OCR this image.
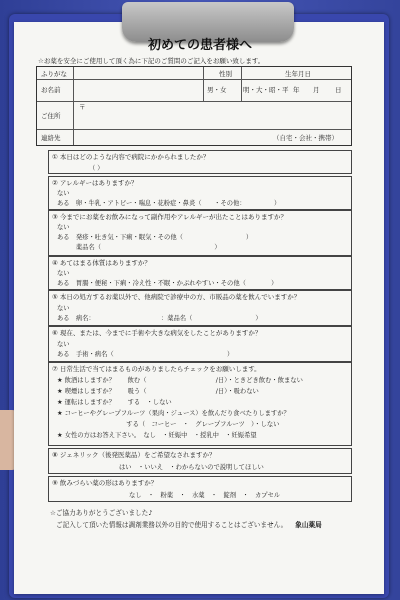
初めての患者様へ
☆お薬を安全にご使用して頂く為に下記のご質問のご記入をお願い致します。
ふりがな	性別	生年月日
お名前	男・女	明・大・昭・平 年 月 日
ご住所
〒
連絡先	（自宅・会社・携帯）
① 本日はどのような内容で病院にかかられましたか？
（ ）
② アレルギーはありますか？
ない
ある　卵・牛乳・アトピー・喘息・花粉症・鼻炎（　　・その他：　　　　　）
③ 今までにお薬をお飲みになって副作用やアレルギーが出たことはありますか？
ない
ある　発疹・吐き気・下痢・眠気・その他（　　　　　　　　　　）
　　　薬品名（　　　　　　　　　　　　　　　　　　）
④ あてはまる体質はありますか？
ない
ある　胃腸・便秘・下痢・冷え性・不眠・かぶれやすい・その他（　　　　）
⑤ 本日の処方するお薬以外で、他病院で診療中の方、市販品の薬を飲んでいますか？
ない
ある　病名：　　　　　　　　　　　：薬品名（　　　　　　　　　　）
⑥ 現在、または、今までに手術や大きな病気をしたことがありますか？
ない
ある　手術・病名（　　　　　　　　　　　　　　　　　　）
⑦ 日常生活で当てはまるものがありましたらチェックをお願いします。
★ 飲酒はしますか？　　飲む（　　　　　　　　　　　/日）・ときどき飲む・飲まない
★ 喫煙はしますか？　　吸う（　　　　　　　　　　　/日）・吸わない
★ 運転はしますか？　　する　・しない
★ コーヒーやグレープフルーツ（果肉・ジュース）を飲んだり食べたりしますか？
　　　　　　　　　　　する（　コーヒー　・　グレープフルーツ　）・しない
★ 女性の方はお答え下さい。　なし　・妊娠中　・授乳中　・妊娠希望
⑧ ジェネリック（後発医薬品）をご希望なされますか？
はい　・いいえ　・わからないので説明してほしい
⑨ 飲みづらい薬の形はありますか？
なし　・　粉薬　・　水薬　・　錠剤　・　カプセル
☆ご協力ありがとうございました♪
ご記入して頂いた情報は調剤業務以外の目的で使用することはございません。 象山薬局
